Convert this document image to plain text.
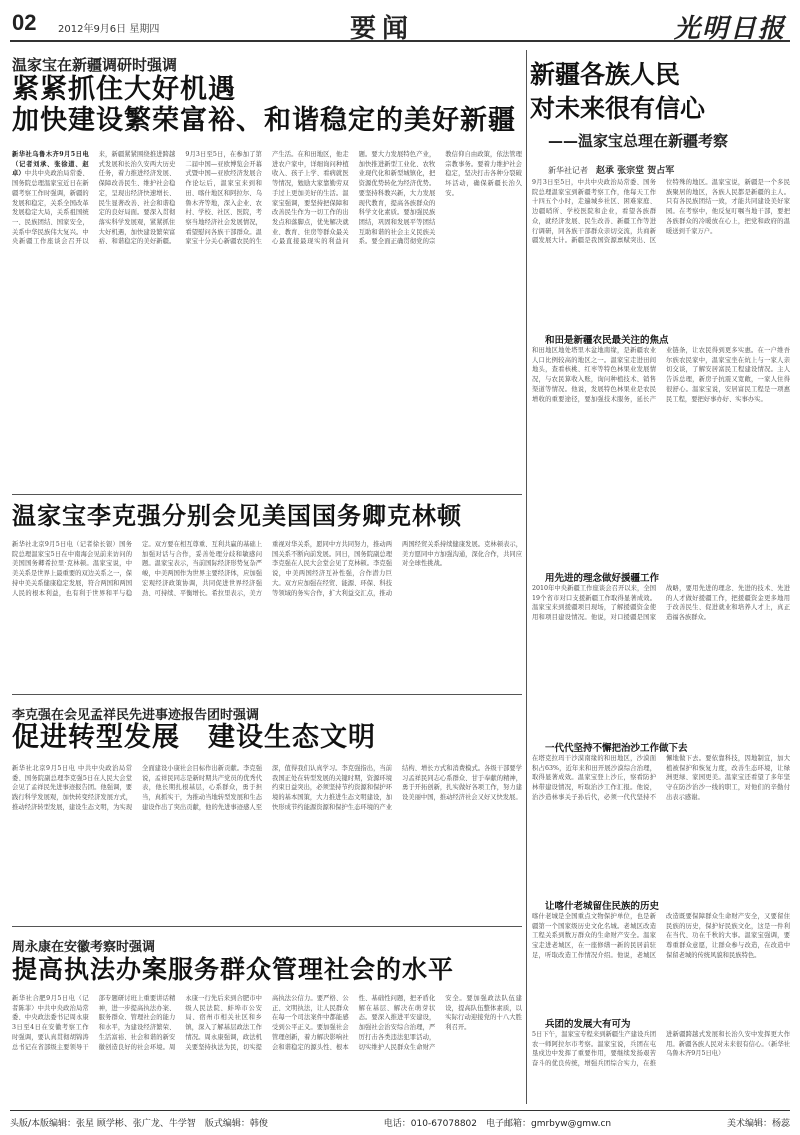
02 2012年9月6日 星期四	要闻	光明日报
温家宝在新疆调研时强调
紧紧抓住大好机遇
加快建设繁荣富裕、和谐稳定的美好新疆
新华社乌鲁木齐9月5日电（记者刘承、张徐道、赵卓）中共中央政治局常委、国务院总理温家宝近日在新疆考察工作时强调，新疆的发展和稳定，关系全国改革发展稳定大局，关系祖国统一、民族团结、国家安全，关系中华民族伟大复兴。中央新疆工作座谈会召开以来，新疆紧紧围绕推进跨越式发展和长治久安两大历史任务，着力推进经济发展、保障改善民生、维护社会稳定，呈现出经济快速增长、民生显著改善、社会和谐稳定的良好局面。要深入贯彻落实科学发展观，紧紧抓住大好机遇，加快建设繁荣富裕、和谐稳定的美好新疆。9月3日至5日，在参加了第二届中国—亚欧博览会开幕式暨中国—亚欧经济发展合作论坛后，温家宝来到和田、喀什地区和阿拉尔、乌鲁木齐等地，深入企业、农村、学校、社区、医院，考察当地经济社会发展情况，看望慰问各族干部群众。温家宝十分关心新疆农民的生产生活。在和田地区，他走进农户家中，详细询问种植收入、孩子上学、看病就医等情况，勉励大家靠勤劳双手过上更加美好的生活。温家宝强调，要坚持把保障和改善民生作为一切工作的出发点和落脚点，优先解决就业、教育、住房等群众最关心最直接最现实的利益问题。要大力发展特色产业，加快推进新型工业化、农牧业现代化和新型城镇化，把资源优势转化为经济优势。要坚持科教兴新，大力发展现代教育，提高各族群众的科学文化素质。要加强民族团结，巩固和发展平等团结互助和谐的社会主义民族关系。要全面正确贯彻党的宗教信仰自由政策，依法管理宗教事务。要着力维护社会稳定，坚决打击各种分裂破坏活动，确保新疆长治久安。
温家宝李克强分别会见美国国务卿克林顿
新华社北京9月5日电（记者徐长银）国务院总理温家宝5日在中南海会见前来访问的美国国务卿希拉里·克林顿。温家宝说，中美关系是世界上最重要的双边关系之一，保持中美关系健康稳定发展，符合两国和两国人民的根本利益，也有利于世界和平与稳定。双方要在相互尊重、互利共赢的基础上加强对话与合作，妥善处理分歧和敏感问题。温家宝表示，当前国际经济形势复杂严峻，中美两国作为世界主要经济体，应加强宏观经济政策协调，共同促进世界经济强劲、可持续、平衡增长。希拉里表示，美方重视对华关系，愿同中方共同努力，推动两国关系不断向前发展。同日，国务院副总理李克强在人民大会堂会见了克林顿。李克强说，中美两国经济互补性强，合作潜力巨大。双方应加强在经贸、能源、环保、科技等领域的务实合作，扩大利益交汇点，推动两国经贸关系持续健康发展。克林顿表示，美方愿同中方加强沟通，深化合作，共同应对全球性挑战。
李克强在会见孟祥民先进事迹报告团时强调
促进转型发展　建设生态文明
新华社北京9月5日电 中共中央政治局常委、国务院副总理李克强5日在人民大会堂会见了孟祥民先进事迹报告团。他强调，要践行科学发展观，加快转变经济发展方式，推动经济转型发展，建设生态文明，为实现全面建设小康社会目标作出新贡献。李克强说，孟祥民同志是新时期共产党员的优秀代表，他长期扎根基层，心系群众，勇于担当，真抓实干，为推动当地转型发展和生态建设作出了突出贡献，他的先进事迹感人至深，值得我们认真学习。李克强指出，当前我国正处在转型发展的关键时期，资源环境约束日益突出，必须坚持节约资源和保护环境的基本国策，大力推进生态文明建设，加快形成节约能源资源和保护生态环境的产业结构、增长方式和消费模式。各级干部要学习孟祥民同志心系群众、甘于奉献的精神，勇于开拓创新，扎实做好各项工作，努力建设美丽中国，推动经济社会又好又快发展。
周永康在安徽考察时强调
提高执法办案服务群众管理社会的水平
新华社合肥9月5日电（记者陈菲）中共中央政治局常委、中央政法委书记周永康3日至4日在安徽考察工作时强调，要认真贯彻胡锦涛总书记在省部级主要领导干部专题研讨班上重要讲话精神，进一步提高执法办案、服务群众、管理社会的能力和水平，为建设经济繁荣、生活富裕、社会和谐的新安徽创造良好的社会环境。周永康一行先后来到合肥市中级人民法院、蚌埠市公安局、宿州市相关社区和乡镇，深入了解基层政法工作情况。周永康强调，政法机关要坚持执法为民，切实提高执法公信力。要严格、公正、文明执法，让人民群众在每一个司法案件中都能感受到公平正义。要加强社会管理创新，着力解决影响社会和谐稳定的源头性、根本性、基础性问题，把矛盾化解在基层、解决在萌芽状态。要深入推进平安建设，加强社会治安综合治理，严厉打击各类违法犯罪活动，切实维护人民群众生命财产安全。要加强政法队伍建设，提高队伍整体素质，以实际行动迎接党的十八大胜利召开。
新疆各族人民
对未来很有信心
——温家宝总理在新疆考察
新华社记者 赵承 张宗堂 贺占军
9月3日至5日，中共中央政治局常委、国务院总理温家宝到新疆考察工作，他每天工作十四五个小时，走遍城乡社区、困难家庭、边疆哨所、学校医院和企业，看望各族群众，就经济发展、民生改善、新疆工作等进行调研，同各族干部群众亲切交流，共商新疆发展大计。新疆是我国资源禀赋突出、区位特殊的地区。温家宝说，新疆是一个多民族聚居的地区，各族人民都是新疆的主人。只有各民族团结一致，才能共同建设美好家园。在考察中，他反复叮嘱当地干部，要把各族群众的冷暖放在心上，把党和政府的温暖送到千家万户。
和田是新疆农民最关注的焦点
和田地区地处塔里木盆地南缘，是新疆农业人口比例较高的地区之一。温家宝走进田间地头，查看核桃、红枣等特色林果业发展情况，与农民算收入账，询问种植技术、销售渠道等情况。他说，发展特色林果业是农民增收的重要途径，要加强技术服务，延长产业链条，让农民得到更多实惠。在一户维吾尔族农民家中，温家宝坐在炕上与一家人亲切交谈，了解安居富民工程建设情况。主人告诉总理，新房子抗震又宽敞，一家人住得很舒心。温家宝说，安居富民工程是一项惠民工程，要把好事办好、实事办实。
用先进的理念做好援疆工作
2010年中央新疆工作座谈会召开以来，全国19个省市对口支援新疆工作取得显著成效。温家宝来到援疆项目现场，了解援疆资金使用和项目建设情况。他说，对口援疆是国家战略，要用先进的理念、先进的技术、先进的人才做好援疆工作，把援疆资金更多地用于改善民生、促进就业和培养人才上，真正造福各族群众。
一代代坚持不懈把治沙工作做下去
在塔克拉玛干沙漠南缘的和田地区，沙漠面积占63%，近年来和田开展沙漠综合治理，取得显著成效。温家宝登上沙丘，察看防护林带建设情况，听取治沙工作汇报。他说，治沙造林事关子孙后代，必须一代代坚持不懈地做下去。要依靠科技，因地制宜，加大植被保护和恢复力度，改善生态环境，让绿洲更绿、家园更美。温家宝还看望了多年坚守在防沙治沙一线的职工，对他们的辛勤付出表示感谢。
让喀什老城留住民族的历史
喀什老城是全国重点文物保护单位，也是新疆第一个国家级历史文化名城。老城区改造工程关系到数万群众的生命财产安全。温家宝走进老城区，在一座修缮一新的民居前驻足，听取改造工作情况介绍。他说，老城区改造既要保障群众生命财产安全，又要留住民族的历史，保护好民族文化，这是一件利在当代、功在千秋的大事。温家宝强调，要尊重群众意愿，让群众参与改造，在改造中保留老城的传统风貌和民族特色。
兵团的发展大有可为
5日下午，温家宝专程来到新疆生产建设兵团农一师阿拉尔市考察。温家宝说，兵团在屯垦戍边中发挥了重要作用，要继续发扬艰苦奋斗的优良传统，增强兵团综合实力，在推进新疆跨越式发展和长治久安中发挥更大作用。新疆各族人民对未来很有信心。（新华社乌鲁木齐9月5日电）
头版/本版编辑：张星 顾学彬、张广龙、牛学智　版式编辑：韩俊	电话：010-67078802　电子邮箱：gmrbyw@gmw.cn	美术编辑：杨蕊
